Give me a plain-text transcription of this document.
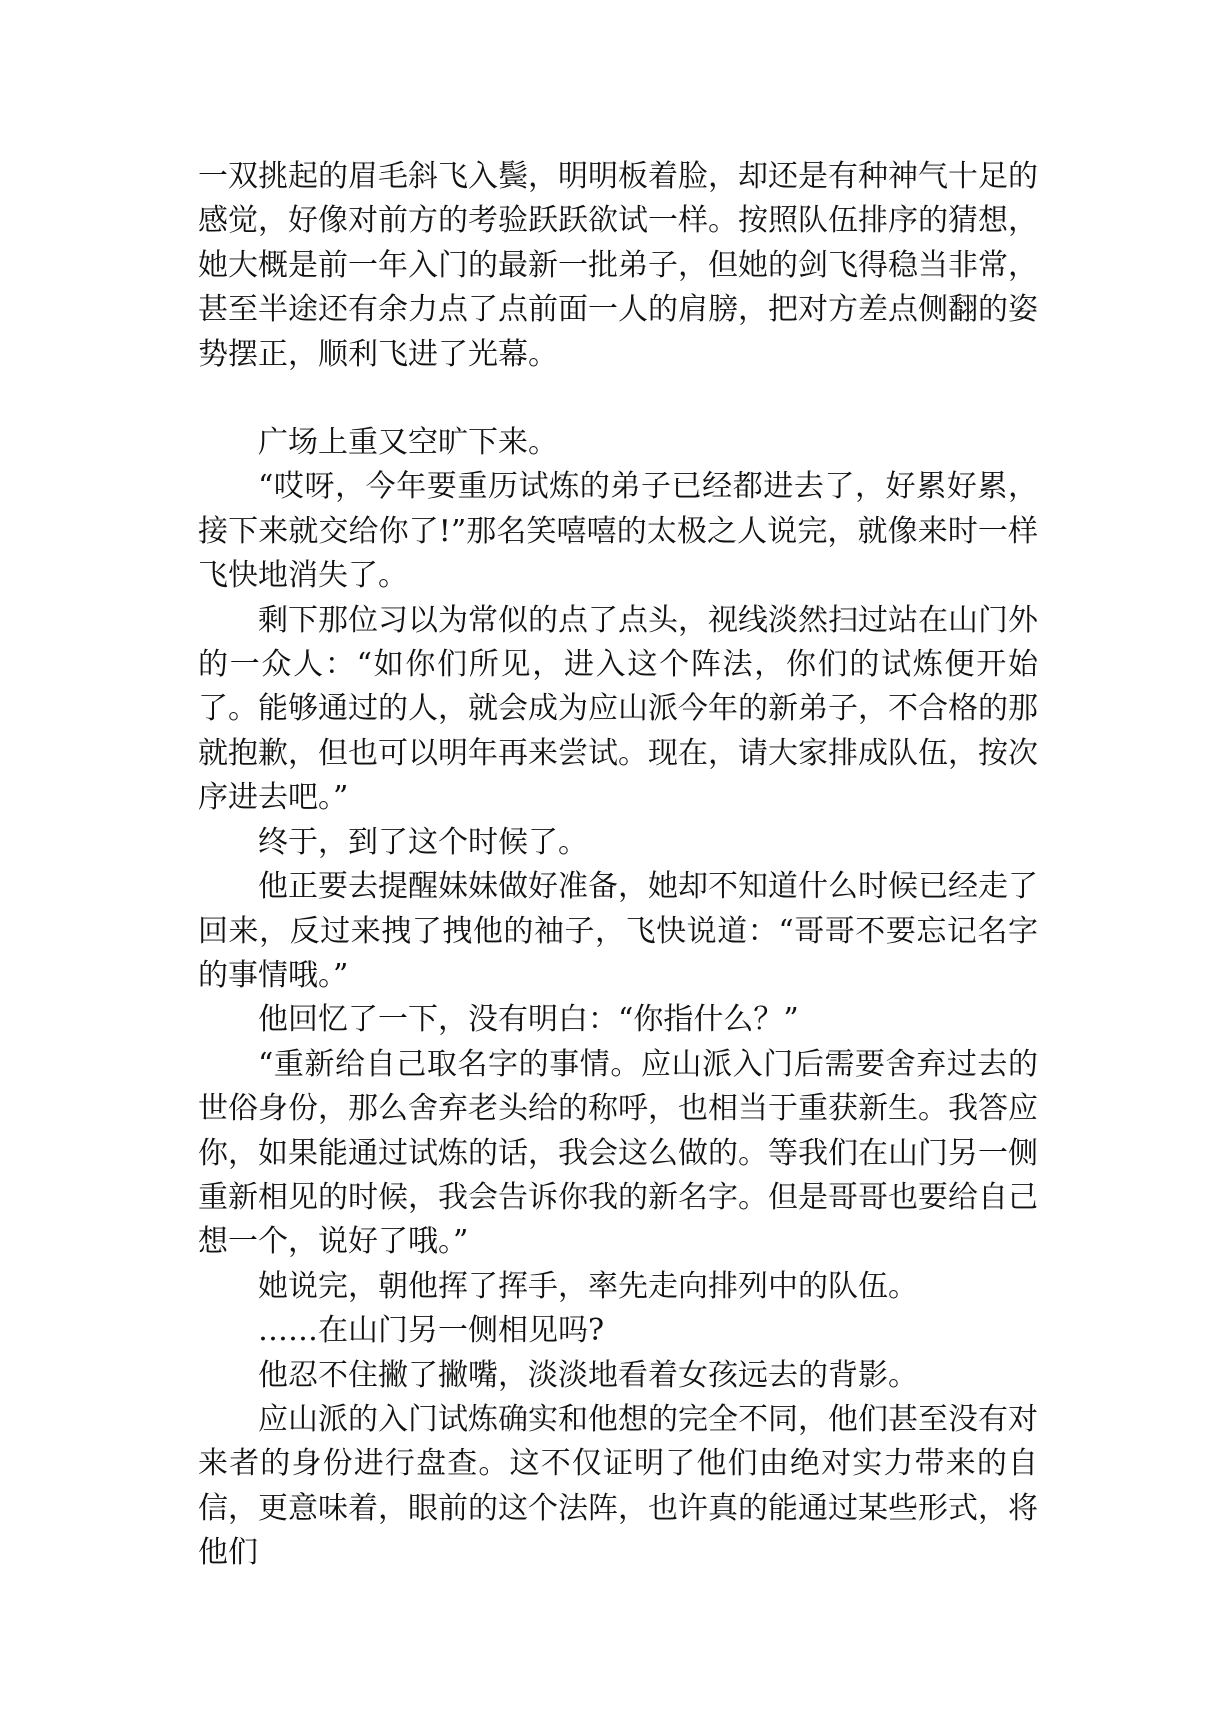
一双挑起的眉毛斜飞入鬓，明明板着脸，却还是有种神气十足的感觉，好像对前方的考验跃跃欲试一样。按照队伍排序的猜想，她大概是前一年入门的最新一批弟子，但她的剑飞得稳当非常，甚至半途还有余力点了点前面一人的肩膀，把对方差点侧翻的姿势摆正，顺利飞进了光幕。

广场上重又空旷下来。

“哎呀，今年要重历试炼的弟子已经都进去了，好累好累，接下来就交给你了!”那名笑嘻嘻的太极之人说完，就像来时一样飞快地消失了。

剩下那位习以为常似的点了点头，视线淡然扫过站在山门外的一众人：“如你们所见，进入这个阵法，你们的试炼便开始了。能够通过的人，就会成为应山派今年的新弟子，不合格的那就抱歉，但也可以明年再来尝试。现在，请大家排成队伍，按次序进去吧。”

终于，到了这个时候了。

他正要去提醒妹妹做好准备，她却不知道什么时候已经走了回来，反过来拽了拽他的袖子，飞快说道：“哥哥不要忘记名字的事情哦。”

他回忆了一下，没有明白：“你指什么？”

“重新给自己取名字的事情。应山派入门后需要舍弃过去的世俗身份，那么舍弃老头给的称呼，也相当于重获新生。我答应你，如果能通过试炼的话，我会这么做的。等我们在山门另一侧重新相见的时候，我会告诉你我的新名字。但是哥哥也要给自己想一个，说好了哦。”

她说完，朝他挥了挥手，率先走向排列中的队伍。

……在山门另一侧相见吗?

他忍不住撇了撇嘴，淡淡地看着女孩远去的背影。

应山派的入门试炼确实和他想的完全不同，他们甚至没有对来者的身份进行盘查。这不仅证明了他们由绝对实力带来的自信，更意味着，眼前的这个法阵，也许真的能通过某些形式，将他们
